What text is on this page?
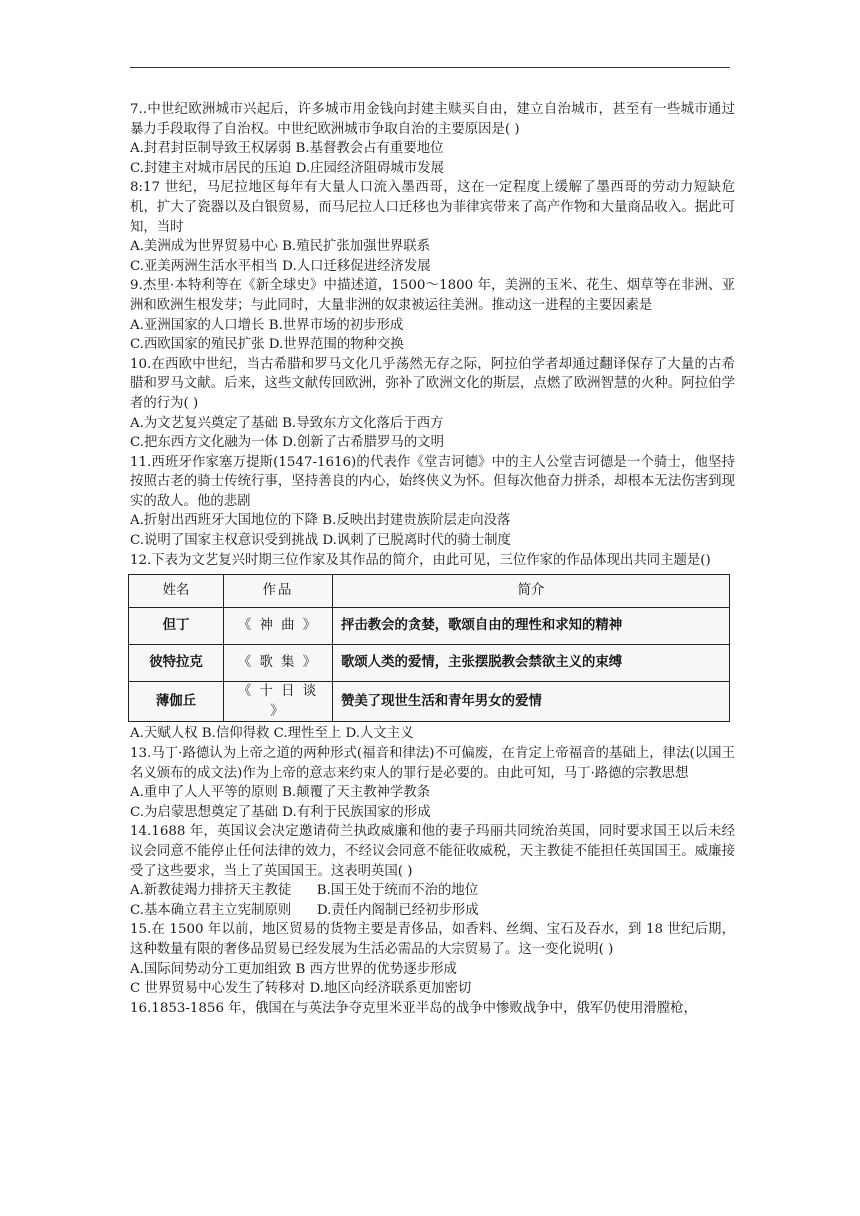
7..中世纪欧洲城市兴起后，许多城市用金钱向封建主赎买自由，建立自治城市，甚至有一些城市通过暴力手段取得了自治权。中世纪欧洲城市争取自治的主要原因是( )

A.封君封臣制导致王权孱弱 B.基督教会占有重要地位

C.封建主对城市居民的压迫 D.庄园经济阻碍城市发展

8:17 世纪，马尼拉地区每年有大量人口流入墨西哥，这在一定程度上缓解了墨西哥的劳动力短缺危机，扩大了瓷器以及白银贸易，而马尼拉人口迁移也为菲律宾带来了高产作物和大量商品收入。据此可知，当时

A.美洲成为世界贸易中心 B.殖民扩张加强世界联系

C.亚美两洲生活水平相当 D.人口迁移促进经济发展

9.杰里·本特利等在《新全球史》中描述道，1500～1800 年，美洲的玉米、花生、烟草等在非洲、亚洲和欧洲生根发芽；与此同时，大量非洲的奴隶被运往美洲。推动这一进程的主要因素是

A.亚洲国家的人口增长 B.世界市场的初步形成

C.西欧国家的殖民扩张 D.世界范围的物种交换

10.在西欧中世纪，当古希腊和罗马文化几乎荡然无存之际，阿拉伯学者却通过翻译保存了大量的古希腊和罗马文献。后来，这些文献传回欧洲，弥补了欧洲文化的斯层，点燃了欧洲智慧的火种。阿拉伯学者的行为( )

A.为文艺复兴奠定了基础 B.导致东方文化落后于西方

C.把东西方文化融为一体 D.创新了古希腊罗马的文明

11.西班牙作家塞万提斯(1547-1616)的代表作《堂吉诃德》中的主人公堂吉诃德是一个骑士，他坚持按照古老的骑士传统行事，坚持善良的内心，始终侠义为怀。但每次他奋力拼杀，却根本无法伤害到现实的敌人。他的悲剧

A.折射出西班牙大国地位的下降 B.反映出封建贵族阶层走向没落

C.说明了国家主权意识受到挑战 D.讽刺了已脱离时代的骑士制度

12.下表为文艺复兴时期三位作家及其作品的简介，由此可见，三位作家的作品体现出共同主题是()

姓名	作品	简介
但丁	《 神 曲 》	抨击教会的贪婪，歌颂自由的理性和求知的精神
彼特拉克	《 歌 集 》	歌颂人类的爱情，主张摆脱教会禁欲主义的束缚
薄伽丘	《 十 日 谈 》	赞美了现世生活和青年男女的爱情

A.天赋人权 B.信仰得救 C.理性至上 D.人文主义

13.马丁·路德认为上帝之道的两种形式(福音和律法)不可偏废，在肯定上帝福音的基础上，律法(以国王名义颁布的成文法)作为上帝的意志来约束人的罪行是必要的。由此可知，马丁·路德的宗教思想

A.重申了人人平等的原则 B.颠覆了天主教神学教条

C.为启蒙思想奠定了基础 D.有利于民族国家的形成

14.1688 年，英国议会决定邀请荷兰执政威廉和他的妻子玛丽共同统治英国，同时要求国王以后未经议会同意不能停止任何法律的效力，不经议会同意不能征收威税，天主教徒不能担任英国国王。威廉接受了这些要求，当上了英国国王。这表明英国( )

A.新教徒竭力排挤天主教徒      B.国王处于统而不治的地位

C.基本确立君主立宪制原则      D.责任内阁制已经初步形成

15.在 1500 年以前，地区贸易的货物主要是青侈品，如香料、丝绸、宝石及吞水，到 18 世纪后期，这种数量有限的奢侈品贸易已经发展为生活必需品的大宗贸易了。这一变化说明( )

A.国际间势动分工更加组致 B 西方世界的优势逐步形成

C 世界贸易中心发生了转移对 D.地区向经济联系更加密切

16.1853-1856 年，俄国在与英法争夺克里米亚半岛的战争中惨败战争中，俄军仍使用滑膛枪，
